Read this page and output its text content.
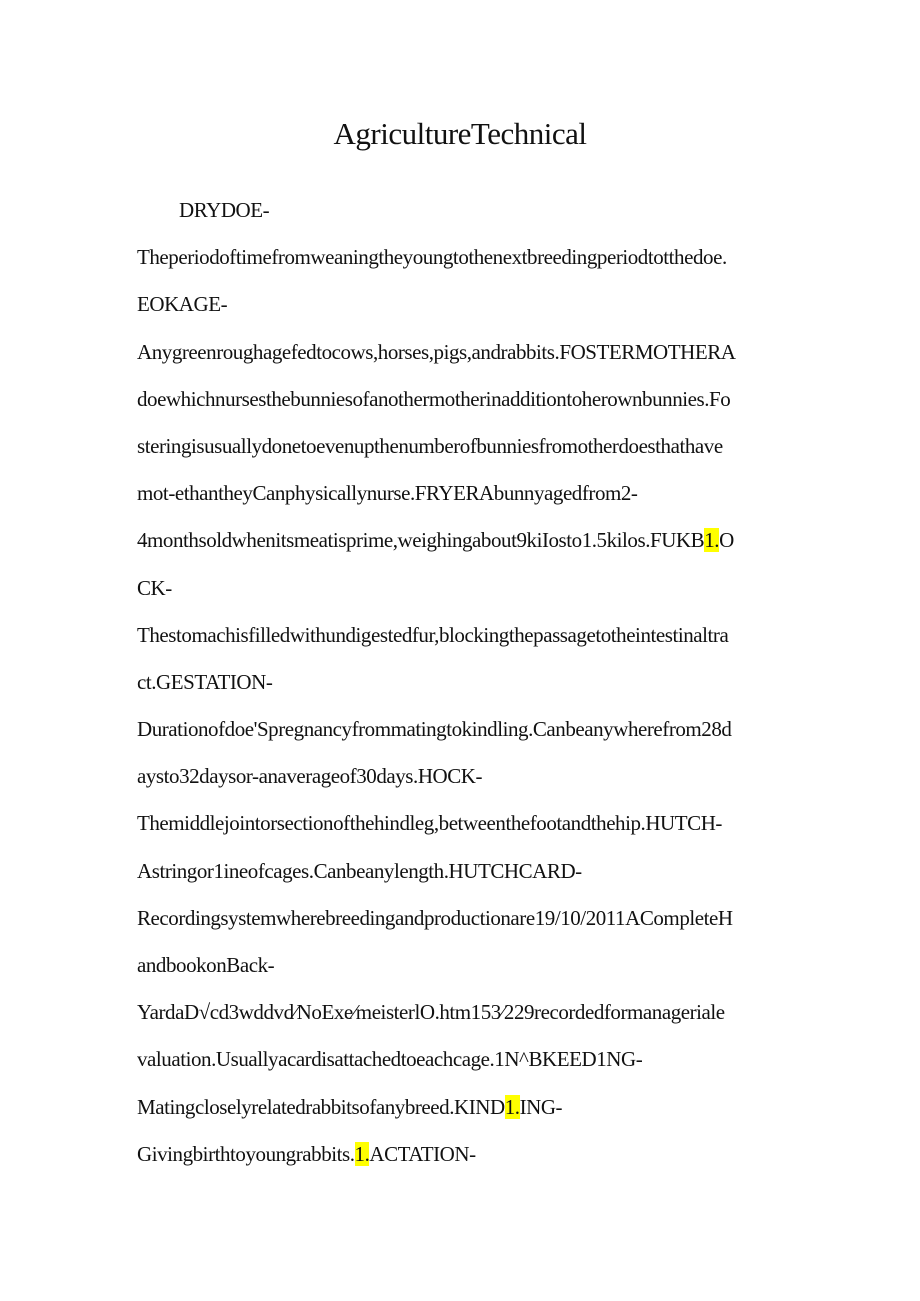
AgricultureTechnical
DRYDOE-
Theperiodoftimefromweaningtheyoungtothenextbreedingperiodtotthedoe.
EOKAGE-
Anygreenroughagefedtocows,horses,pigs,andrabbits.FOSTERMOTHERA
doewhichnursesthebunniesofanothermotherinadditiontoherownbunnies.Fo
steringisusuallydonetoevenupthenumberofbunniesfromotherdoesthathave
mot-ethantheyCanphysicallynurse.FRYERAbunnyagedfrom2-
4monthsoldwhenitsmeatisprime,weighingabout9kiIosto1.5kilos.FUKB1.O
CK-
Thestomachisfilledwithundigestedfur,blockingthepassagetotheintestinaltra
ct.GESTATION-
Durationofdoe'Spregnancyfrommatingtokindling.Canbeanywherefrom28d
aysto32daysor-anaverageof30days.HOCK-
Themiddlejointorsectionofthehindleg,betweenthefootandthehip.HUTCH-
Astringor1ineofcages.Canbeanylength.HUTCHCARD-
Recordingsystemwherebreedingandproductionare19/10/2011ACompleteH
andbookonBack-
YardaD√cd3wddvd⁄NoExe⁄meisterlO.htm153⁄229recordedformanageriale
valuation.Usuallyacardisattachedtoeachcage.1N^BKEED1NG-
Matingcloselyrelatedrabbitsofanybreed.KIND1.ING-
Givingbirthtoyoungrabbits.1.ACTATION-
